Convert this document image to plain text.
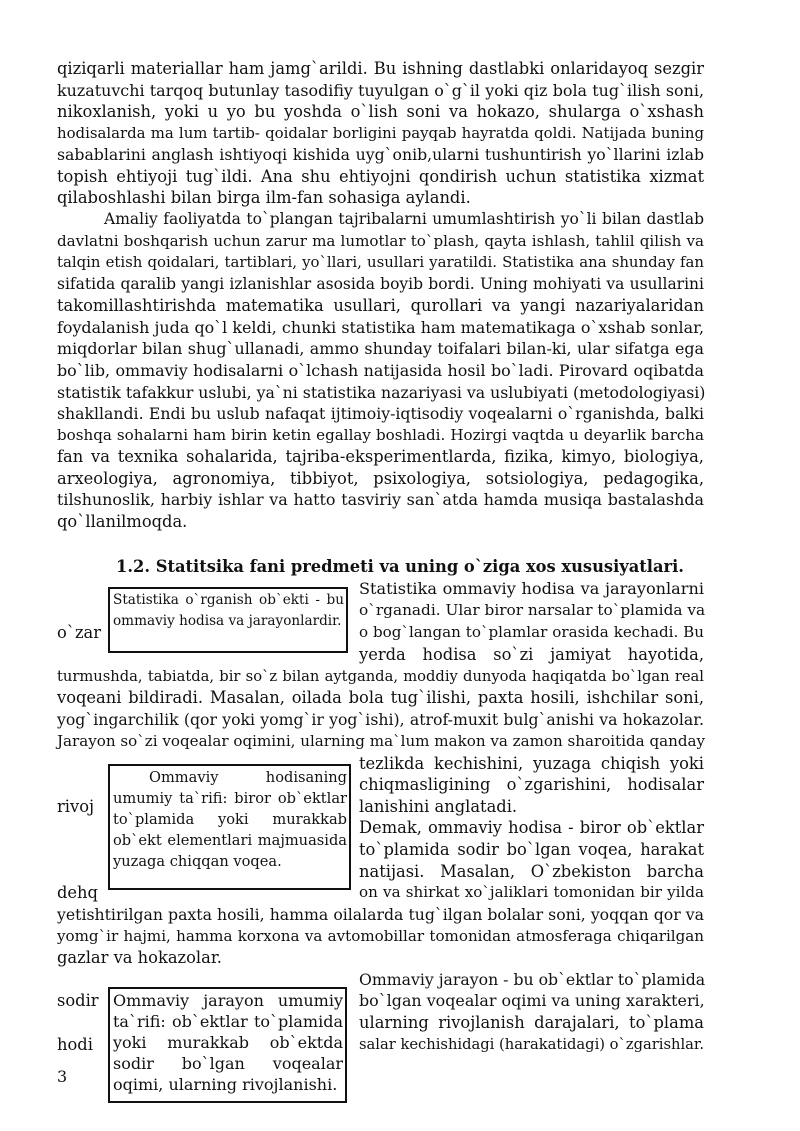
qiziqarli materiallar ham jamg`arildi. Bu ishning dastlabki onlaridayoq sezgir
kuzatuvchi tarqoq butunlay tasodifiy tuyulgan o`g`il yoki qiz bola tug`ilish soni,
nikoxlanish, yoki u yo bu yoshda o`lish soni va hokazo, shularga o`xshash
hodisalarda ma lum tartib- qoidalar borligini payqab hayratda qoldi. Natijada buning
sabablarini anglash ishtiyoqi kishida uyg`onib,ularni tushuntirish yo`llarini izlab
topish ehtiyoji tug`ildi. Ana shu ehtiyojni qondirish uchun statistika xizmat
qilaboshlashi bilan birga ilm-fan sohasiga aylandi.
Amaliy faoliyatda to`plangan tajribalarni umumlashtirish yo`li bilan dastlab
davlatni boshqarish uchun zarur ma lumotlar to`plash, qayta ishlash, tahlil qilish va
talqin etish qoidalari, tartiblari, yo`llari, usullari yaratildi. Statistika ana shunday fan
sifatida qaralib yangi izlanishlar asosida boyib bordi. Uning mohiyati va usullarini
takomillashtirishda matematika usullari, qurollari va yangi nazariyalaridan
foydalanish juda qo`l keldi, chunki statistika ham matematikaga o`xshab sonlar,
miqdorlar bilan shug`ullanadi, ammo shunday toifalari bilan-ki, ular sifatga ega
bo`lib, ommaviy hodisalarni o`lchash natijasida hosil bo`ladi. Pirovard oqibatda
statistik tafakkur uslubi, ya`ni statistika nazariyasi va uslubiyati (metodologiyasi)
shakllandi. Endi bu uslub nafaqat ijtimoiy-iqtisodiy voqealarni o`rganishda, balki
boshqa sohalarni ham birin ketin egallay boshladi. Hozirgi vaqtda u deyarlik barcha
fan va texnika sohalarida, tajriba-eksperimentlarda, fizika, kimyo, biologiya,
arxeologiya, agronomiya, tibbiyot, psixologiya, sotsiologiya, pedagogika,
tilshunoslik, harbiy ishlar va hatto tasviriy san`atda hamda musiqa bastalashda
qo`llanilmoqda.
1.2. Statitsika fani predmeti va uning o`ziga xos xususiyatlari.
Statistika ommaviy hodisa va jarayonlarni
o`rganadi. Ular biror narsalar to`plamida va
o bog`langan to`plamlar orasida kechadi. Bu
yerda hodisa so`zi jamiyat hayotida,
o`zar
Statistika o`rganish ob`ekti - bu ommaviy hodisa va jarayonlardir.
turmushda, tabiatda, bir so`z bilan aytganda, moddiy dunyoda haqiqatda bo`lgan real
voqeani bildiradi. Masalan, oilada bola tug`ilishi, paxta hosili, ishchilar soni,
yog`ingarchilik (qor yoki yomg`ir yog`ishi), atrof-muxit bulg`anishi va hokazolar.
Jarayon so`zi voqealar oqimini, ularning ma`lum makon va zamon sharoitida qanday
tezlikda kechishini, yuzaga chiqish yoki
chiqmasligining o`zgarishini, hodisalar
lanishini anglatadi.
Demak, ommaviy hodisa - biror ob`ektlar
to`plamida sodir bo`lgan voqea, harakat
natijasi. Masalan, O`zbekiston barcha
on va shirkat xo`jaliklari tomonidan bir yilda
rivoj
dehq
Ommaviy hodisaning umumiy ta`rifi: biror ob`ektlar to`plamida yoki murakkab ob`ekt elementlari majmuasida yuzaga chiqqan voqea.
yetishtirilgan paxta hosili, hamma oilalarda tug`ilgan bolalar soni, yoqqan qor va
yomg`ir hajmi, hamma korxona va avtomobillar tomonidan atmosferaga chiqarilgan
gazlar va hokazolar.
Ommaviy jarayon - bu ob`ektlar to`plamida
bo`lgan voqealar oqimi va uning xarakteri,
ularning rivojlanish darajalari, to`plama
salar kechishidagi (harakatidagi) o`zgarishlar.
sodir
hodi
Ommaviy jarayon umumiy ta`rifi: ob`ektlar to`plamida yoki murakkab ob`ektda sodir bo`lgan voqealar oqimi, ularning rivojlanishi.
3
